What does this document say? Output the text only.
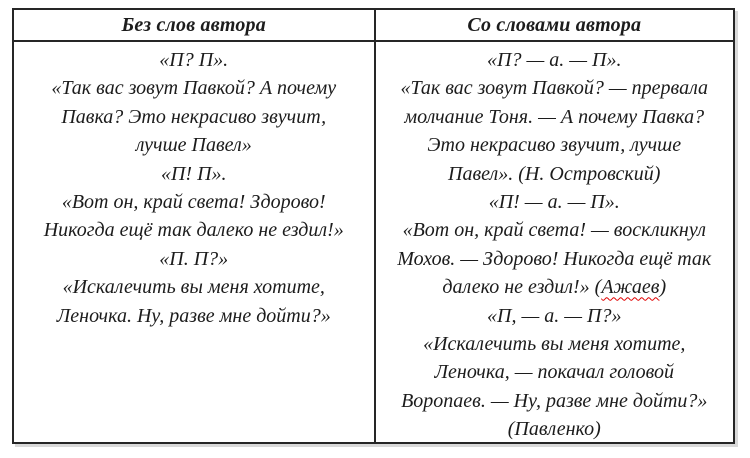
Без слов автора	Со словами автора
«П? П».
«Так вас зовут Павкой? А почему
Павка? Это некрасиво звучит,
лучше Павел»
«П! П».
«Вот он, край света! Здорово!
Никогда ещё так далеко не ездил!»
«П. П?»
«Искалечить вы меня хотите,
Леночка. Ну, разве мне дойти?»
«П? — а. — П».
«Так вас зовут Павкой? — прервала
молчание Тоня. — А почему Павка?
Это некрасиво звучит, лучше
Павел». (Н. Островский)
«П! — а. — П».
«Вот он, край света! — воскликнул
Мохов. — Здорово! Никогда ещё так
далеко не ездил!» (Ажаев)
«П, — а. — П?»
«Искалечить вы меня хотите,
Леночка, — покачал головой
Воропаев. — Ну, разве мне дойти?»
(Павленко)
